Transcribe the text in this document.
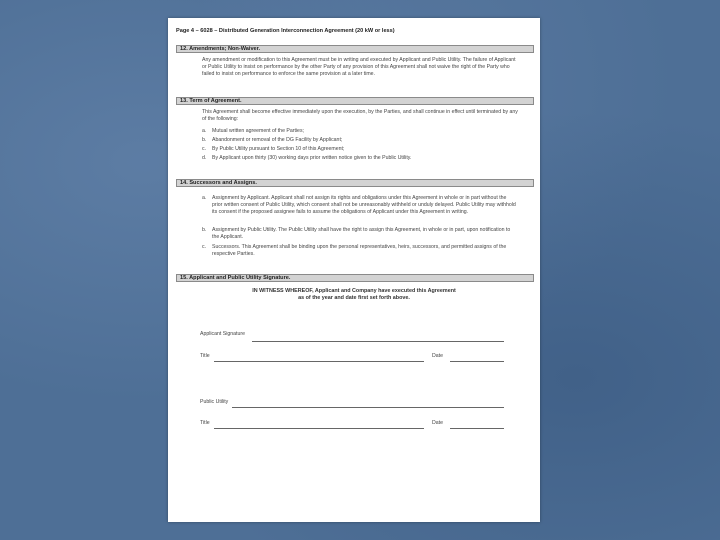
Page 4 – 6028 – Distributed Generation Interconnection Agreement (20 kW or less)
12. Amendments; Non-Waiver.
Any amendment or modification to this Agreement must be in writing and executed by Applicant and Public Utility. The failure of Applicant or Public Utility to insist on performance by the other Party of any provision of this Agreement shall not waive the right of the Party who failed to insist on performance to enforce the same provision at a later time.
13. Term of Agreement.
This Agreement shall become effective immediately upon the execution, by the Parties, and shall continue in effect until terminated by any of the following:
a. Mutual written agreement of the Parties;
b. Abandonment or removal of the DG Facility by Applicant;
c. By Public Utility pursuant to Section 10 of this Agreement;
d. By Applicant upon thirty (30) working days prior written notice given to the Public Utility.
14. Successors and Assigns.
a. Assignment by Applicant. Applicant shall not assign its rights and obligations under this Agreement in whole or in part without the prior written consent of Public Utility, which consent shall not be unreasonably withheld or unduly delayed. Public Utility may withhold its consent if the proposed assignee fails to assume the obligations of Applicant under this Agreement in writing.
b. Assignment by Public Utility. The Public Utility shall have the right to assign this Agreement, in whole or in part, upon notification to the Applicant.
c. Successors. This Agreement shall be binding upon the personal representatives, heirs, successors, and permitted assigns of the respective Parties.
15. Applicant and Public Utility Signature.
IN WITNESS WHEREOF, Applicant and Company have executed this Agreement
as of the year and date first set forth above.
Applicant Signature
Title	Date
Public Utility
Title	Date
